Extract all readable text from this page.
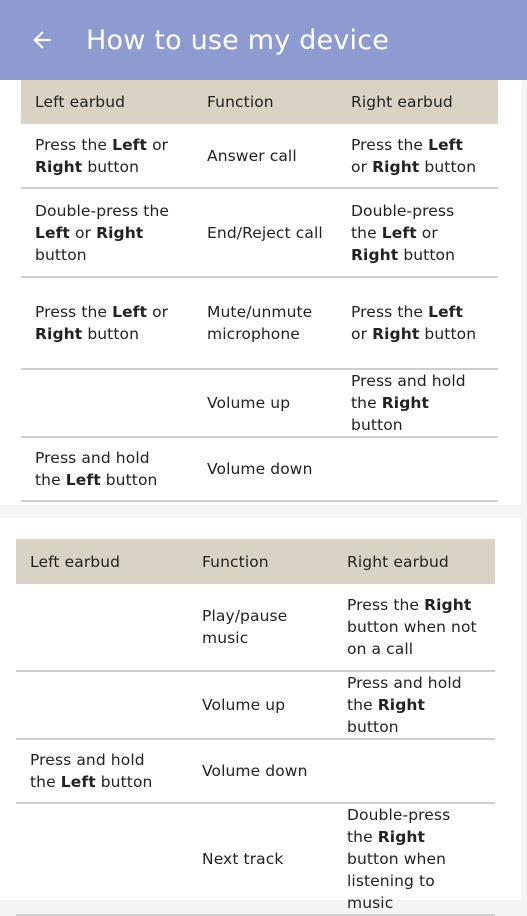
How to use my device
Left earbud	Function	Right earbud
Press the Left or Right button	Answer call	Press the Left or Right button
Double-press the Left or Right button	End/Reject call	Double-press the Left or Right button
Press the Left or Right button	Mute/unmute microphone	Press the Left or Right button
	Volume up	Press and hold the Right button
Press and hold the Left button	Volume down	
Left earbud	Function	Right earbud
	Play/pause music	Press the Right button when not on a call
	Volume up	Press and hold the Right button
Press and hold the Left button	Volume down	
	Next track	Double-press the Right button when listening to music
